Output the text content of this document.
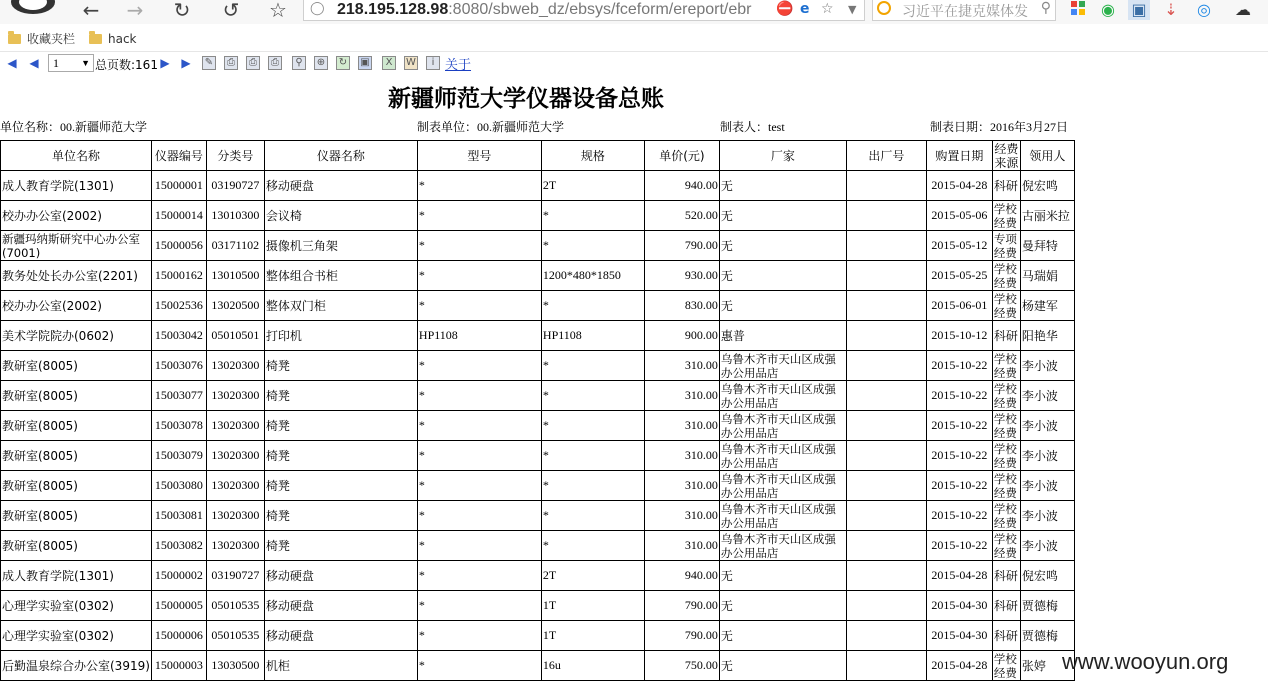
← → ↻ ↺ ☆	◯ 218.195.128.98:8080/sbweb_dz/ebsys/fceform/ereport/ebr ⛔ e ☆ ▼	习近平在捷克媒体发 ⚲	◉ ▣ ⇣ ◎ ☁
收藏夹栏	hack
◀ ◀	1 ▼ 总页数:161 ▶ ▶	✎	⎙	⎙	⎙	⚲	⊕ ↻ ▣	X	W	i 关于
新疆师范大学仪器设备总账
单位名称：00.新疆师范大学	制表单位：00.新疆师范大学	制表人：test	制表日期：2016年3月27日
单位名称	仪器编号	分类号	仪器名称	型号	规格	单价(元)	厂家	出厂号	购置日期	经费来源	领用人
成人教育学院(1301)	15000001	03190727	移动硬盘	*	2T	940.00	无		2015-04-28	科研	倪宏鸣
校办办公室(2002)	15000014	13010300	会议椅	*	*	520.00	无		2015-05-06	学校经费	古丽米拉
新疆玛纳斯研究中心办公室(7001)	15000056	03171102	摄像机三角架	*	*	790.00	无		2015-05-12	专项经费	曼拜特
教务处处长办公室(2201)	15000162	13010500	整体组合书柜	*	1200*480*1850	930.00	无		2015-05-25	学校经费	马瑞娟
校办办公室(2002)	15002536	13020500	整体双门柜	*	*	830.00	无		2015-06-01	学校经费	杨建军
美术学院院办(0602)	15003042	05010501	打印机	HP1108	HP1108	900.00	惠普		2015-10-12	科研	阳艳华
教研室(8005)	15003076	13020300	椅凳	*	*	310.00	乌鲁木齐市天山区成强办公用品店		2015-10-22	学校经费	李小波
教研室(8005)	15003077	13020300	椅凳	*	*	310.00	乌鲁木齐市天山区成强办公用品店		2015-10-22	学校经费	李小波
教研室(8005)	15003078	13020300	椅凳	*	*	310.00	乌鲁木齐市天山区成强办公用品店		2015-10-22	学校经费	李小波
教研室(8005)	15003079	13020300	椅凳	*	*	310.00	乌鲁木齐市天山区成强办公用品店		2015-10-22	学校经费	李小波
教研室(8005)	15003080	13020300	椅凳	*	*	310.00	乌鲁木齐市天山区成强办公用品店		2015-10-22	学校经费	李小波
教研室(8005)	15003081	13020300	椅凳	*	*	310.00	乌鲁木齐市天山区成强办公用品店		2015-10-22	学校经费	李小波
教研室(8005)	15003082	13020300	椅凳	*	*	310.00	乌鲁木齐市天山区成强办公用品店		2015-10-22	学校经费	李小波
成人教育学院(1301)	15000002	03190727	移动硬盘	*	2T	940.00	无		2015-04-28	科研	倪宏鸣
心理学实验室(0302)	15000005	05010535	移动硬盘	*	1T	790.00	无		2015-04-30	科研	贾德梅
心理学实验室(0302)	15000006	05010535	移动硬盘	*	1T	790.00	无		2015-04-30	科研	贾德梅
后勤温泉综合办公室(3919)	15000003	13030500	机柜	*	16u	750.00	无		2015-04-28	学校经费	张婷 www.wooyun.org
